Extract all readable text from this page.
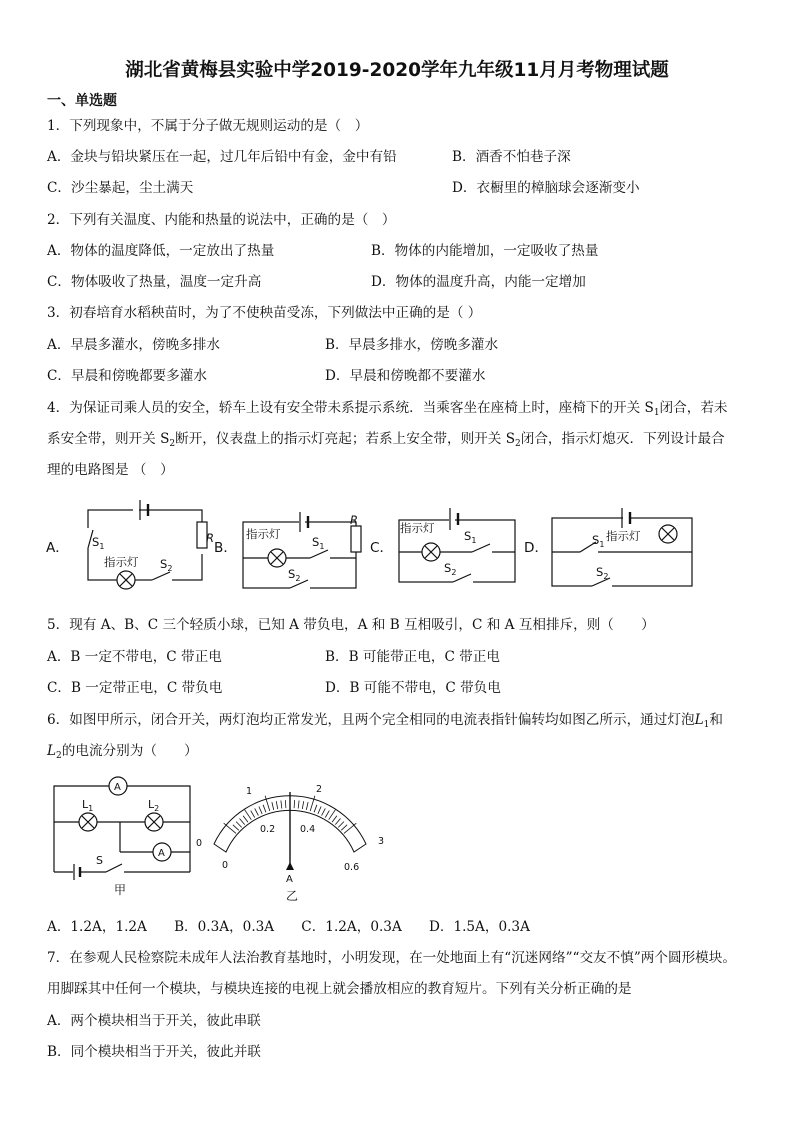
湖北省黄梅县实验中学2019-2020学年九年级11月月考物理试题
一、单选题
1．下列现象中，不属于分子做无规则运动的是（　）
A．金块与铅块紧压在一起，过几年后铅中有金，金中有铅	B．酒香不怕巷子深
C．沙尘暴起，尘土满天	D．衣橱里的樟脑球会逐渐变小
2．下列有关温度、内能和热量的说法中，正确的是（　）
A．物体的温度降低，一定放出了热量	B．物体的内能增加，一定吸收了热量
C．物体吸收了热量，温度一定升高	D．物体的温度升高，内能一定增加
3．初春培育水稻秧苗时，为了不使秧苗受冻，下列做法中正确的是（ ）
A．早晨多灌水，傍晚多排水	B．早晨多排水，傍晚多灌水
C．早晨和傍晚都要多灌水	D．早晨和傍晚都不要灌水
4．为保证司乘人员的安全，轿车上设有安全带未系提示系统．当乘客坐在座椅上时，座椅下的开关 $S_1$闭合，若未
系安全带，则开关 $S_2$断开，仪表盘上的指示灯亮起；若系上安全带，则开关 $S_2$闭合，指示灯熄灭．下列设计最合
理的电路图是 （　）
A．	B．	C．	D．
R
$S_1$
指示灯 $S_2$
指示灯
$S_1$
R
$S_2$
指示灯
$S_1$
$S_2$
$S_1$
指示灯
$S_2$
5．现有 A、B、C 三个轻质小球，已知 A 带负电，A 和 B 互相吸引，C 和 A 互相排斥，则（　　）
A．B 一定不带电，C 带正电	B．B 可能带正电，C 带正电
C．B 一定带正电，C 带负电	D．B 可能不带电，C 带负电
6．如图甲所示，闭合开关，两灯泡均正常发光，且两个完全相同的电流表指针偏转均如图乙所示，通过灯泡$L_1$和
$L_2$的电流分别为（　　）
A
A
$L_1$	$L_2$
S
甲
0
1	2
3
0
0.2	0.4
0.6
A
乙
A．1.2A，1.2A　　B．0.3A，0.3A　　C．1.2A，0.3A　　D．1.5A，0.3A
7．在参观人民检察院未成年人法治教育基地时，小明发现，在一处地面上有“沉迷网络”“交友不慎”两个圆形模块。
用脚踩其中任何一个模块，与模块连接的电视上就会播放相应的教育短片。下列有关分析正确的是
A．两个模块相当于开关，彼此串联
B．同个模块相当于开关，彼此并联
